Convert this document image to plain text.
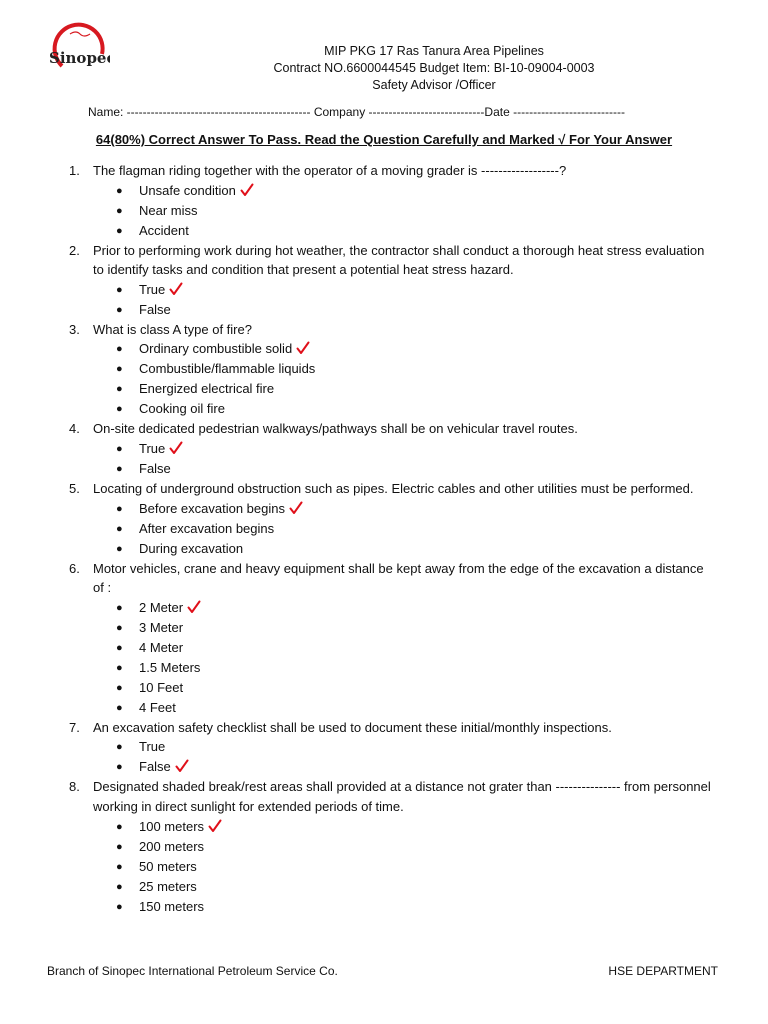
Sinopec	MIP PKG 17 Ras Tanura Area Pipelines
Contract NO.6600044545 Budget Item: BI-10-09004-0003
Safety Advisor /Officer
Name: ---------------------------------------------- Company -----------------------------Date ----------------------------
64(80%) Correct Answer To Pass. Read the Question Carefully and Marked √ For Your Answer
1. The flagman riding together with the operator of a moving grader is ------------------?
● Unsafe condition
● Near miss
● Accident
2. Prior to performing work during hot weather, the contractor shall conduct a thorough heat stress evaluation to identify tasks and condition that present a potential heat stress hazard.
● True
● False
3. What is class A type of fire?
● Ordinary combustible solid
● Combustible/flammable liquids
● Energized electrical fire
● Cooking oil fire
4. On-site dedicated pedestrian walkways/pathways shall be on vehicular travel routes.
● True
● False
5. Locating of underground obstruction such as pipes. Electric cables and other utilities must be performed.
● Before excavation begins
● After excavation begins
● During excavation
6. Motor vehicles, crane and heavy equipment shall be kept away from the edge of the excavation a distance of :
● 2 Meter
● 3 Meter
● 4 Meter
● 1.5 Meters
● 10 Feet
● 4 Feet
7. An excavation safety checklist shall be used to document these initial/monthly inspections.
● True
● False
8. Designated shaded break/rest areas shall provided at a distance not grater than --------------- from personnel working in direct sunlight for extended periods of time.
● 100 meters
● 200 meters
● 50 meters
● 25 meters
● 150 meters
Branch of Sinopec International Petroleum Service Co.	HSE DEPARTMENT
